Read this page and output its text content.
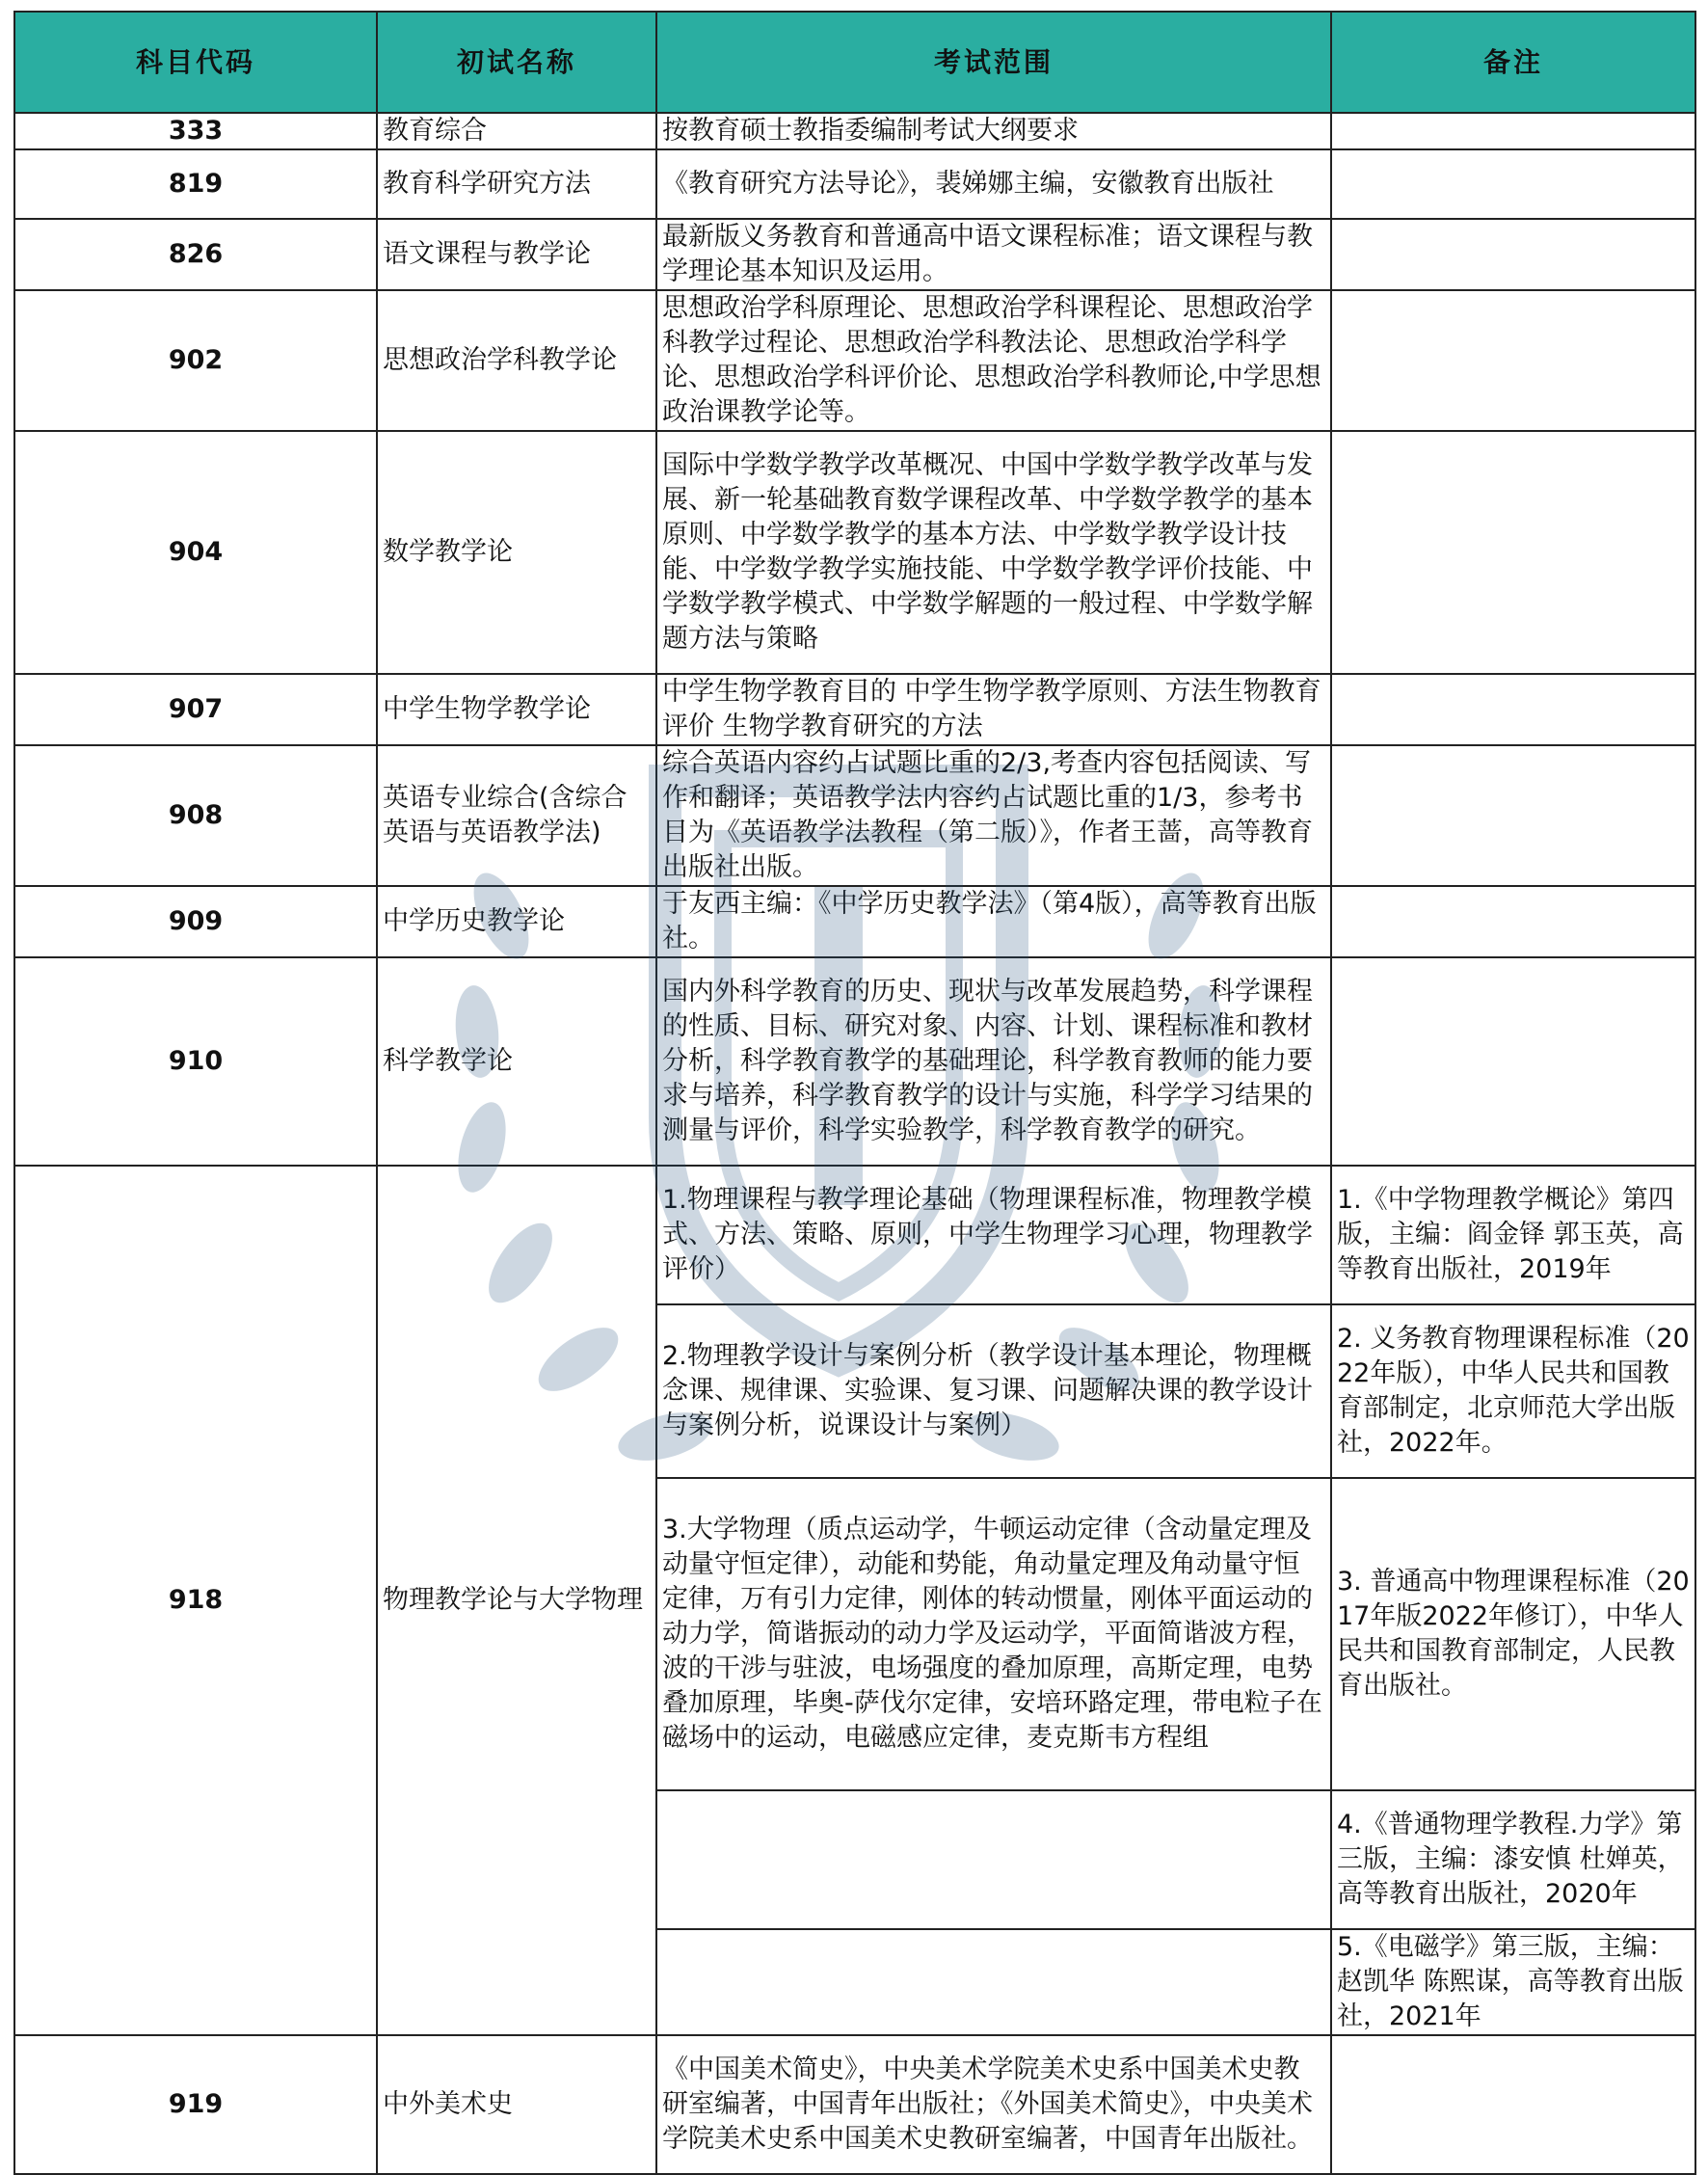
科目代码	初试名称	考试范围	备注
333	教育综合	按教育硕士教指委编制考试大纲要求	
819	教育科学研究方法	《教育研究方法导论》，裴娣娜主编，安徽教育出版社	
826	语文课程与教学论	最新版义务教育和普通高中语文课程标准；语文课程与教学理论基本知识及运用。	
902	思想政治学科教学论	思想政治学科原理论、思想政治学科课程论、思想政治学科教学过程论、思想政治学科教法论、思想政治学科学论、思想政治学科评价论、思想政治学科教师论,中学思想政治课教学论等。	
904	数学教学论	国际中学数学教学改革概况、中国中学数学教学改革与发展、新一轮基础教育数学课程改革、中学数学教学的基本原则、中学数学教学的基本方法、中学数学教学设计技能、中学数学教学实施技能、中学数学教学评价技能、中学数学教学模式、中学数学解题的一般过程、中学数学解题方法与策略	
907	中学生物学教学论	中学生物学教育目的 中学生物学教学原则、方法生物教育评价 生物学教育研究的方法	
908	英语专业综合(含综合英语与英语教学法)	综合英语内容约占试题比重的2/3,考查内容包括阅读、写作和翻译；英语教学法内容约占试题比重的1/3，参考书目为《英语教学法教程（第二版）》，作者王蔷，高等教育出版社出版。	
909	中学历史教学论	于友西主编：《中学历史教学法》（第4版），高等教育出版社。	
910	科学教学论	国内外科学教育的历史、现状与改革发展趋势，科学课程的性质、目标、研究对象、内容、计划、课程标准和教材分析，科学教育教学的基础理论，科学教育教师的能力要求与培养，科学教育教学的设计与实施，科学学习结果的测量与评价，科学实验教学，科学教育教学的研究。	
918	物理教学论与大学物理	1.物理课程与教学理论基础（物理课程标准，物理教学模式、方法、策略、原则，中学生物理学习心理，物理教学评价）	1.《中学物理教学概论》第四版，主编：阎金铎 郭玉英，高等教育出版社，2019年
		2.物理教学设计与案例分析（教学设计基本理论，物理概念课、规律课、实验课、复习课、问题解决课的教学设计与案例分析，说课设计与案例）	2. 义务教育物理课程标准（2022年版），中华人民共和国教育部制定，北京师范大学出版社，2022年。
		3.大学物理（质点运动学，牛顿运动定律（含动量定理及动量守恒定律），动能和势能，角动量定理及角动量守恒定律，万有引力定律，刚体的转动惯量，刚体平面运动的动力学，简谐振动的动力学及运动学，平面简谐波方程，波的干涉与驻波，电场强度的叠加原理，高斯定理，电势叠加原理，毕奥-萨伐尔定律，安培环路定理，带电粒子在磁场中的运动，电磁感应定律，麦克斯韦方程组	3. 普通高中物理课程标准（2017年版2022年修订），中华人民共和国教育部制定，人民教育出版社。
			4.《普通物理学教程.力学》第三版，主编：漆安慎 杜婵英，高等教育出版社，2020年
			5.《电磁学》第三版，主编：赵凯华 陈熙谋，高等教育出版社，2021年
919	中外美术史	《中国美术简史》，中央美术学院美术史系中国美术史教研室编著，中国青年出版社；《外国美术简史》，中央美术学院美术史系中国美术史教研室编著，中国青年出版社。	
